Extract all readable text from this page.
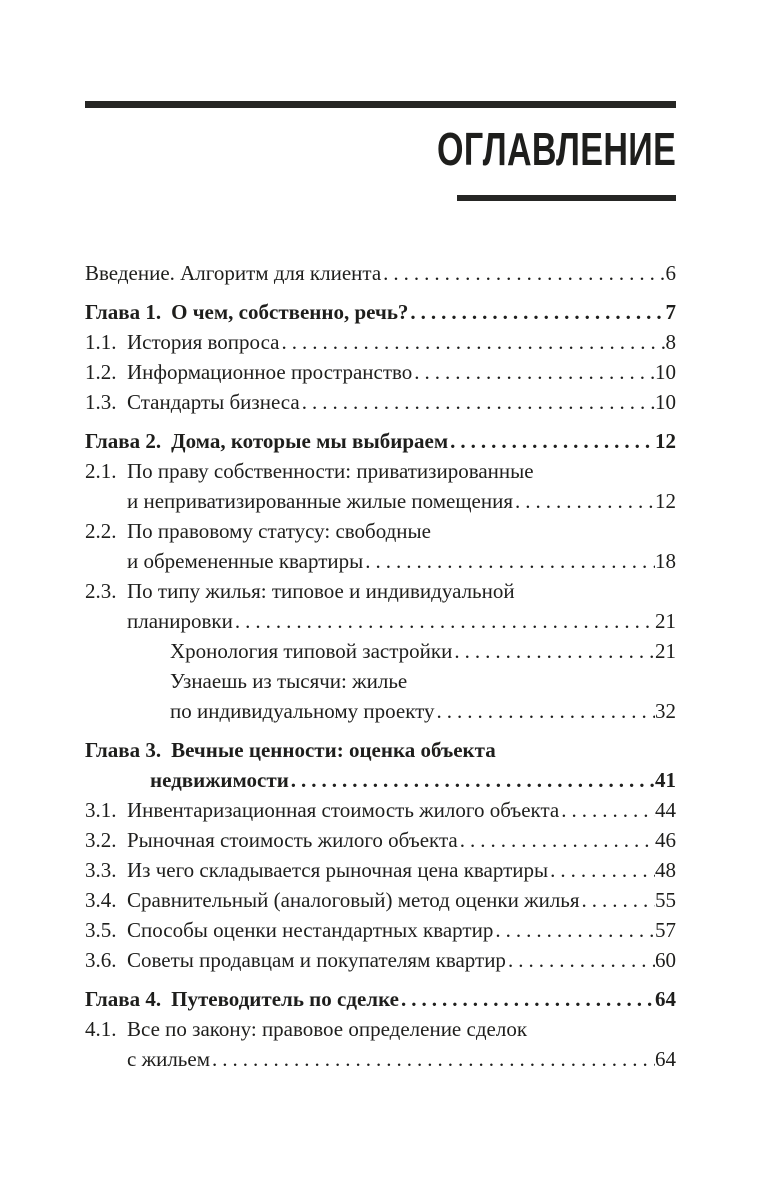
ОГЛАВЛЕНИЕ
Введение. Алгоритм для клиента .....	6
Глава 1. О чем, собственно, речь? .....	7
1.1. История вопроса .....	8
1.2. Информационное пространство .....	10
1.3. Стандарты бизнеса .....	10
Глава 2. Дома, которые мы выбираем .....	12
2.1. По праву собственности: приватизированные
и неприватизированные жилые помещения .....	12
2.2. По правовому статусу: свободные
и обремененные квартиры .....	18
2.3. По типу жилья: типовое и индивидуальной
планировки .....	21
Хронология типовой застройки .....	21
Узнаешь из тысячи: жилье
по индивидуальному проекту .....	32
Глава 3. Вечные ценности: оценка объекта
недвижимости .....	41
3.1. Инвентаризационная стоимость жилого объекта .....	44
3.2. Рыночная стоимость жилого объекта .....	46
3.3. Из чего складывается рыночная цена квартиры .....	48
3.4. Сравнительный (аналоговый) метод оценки жилья .....	55
3.5. Способы оценки нестандартных квартир .....	57
3.6. Советы продавцам и покупателям квартир .....	60
Глава 4. Путеводитель по сделке .....	64
4.1. Все по закону: правовое определение сделок
с жильем .....	64
